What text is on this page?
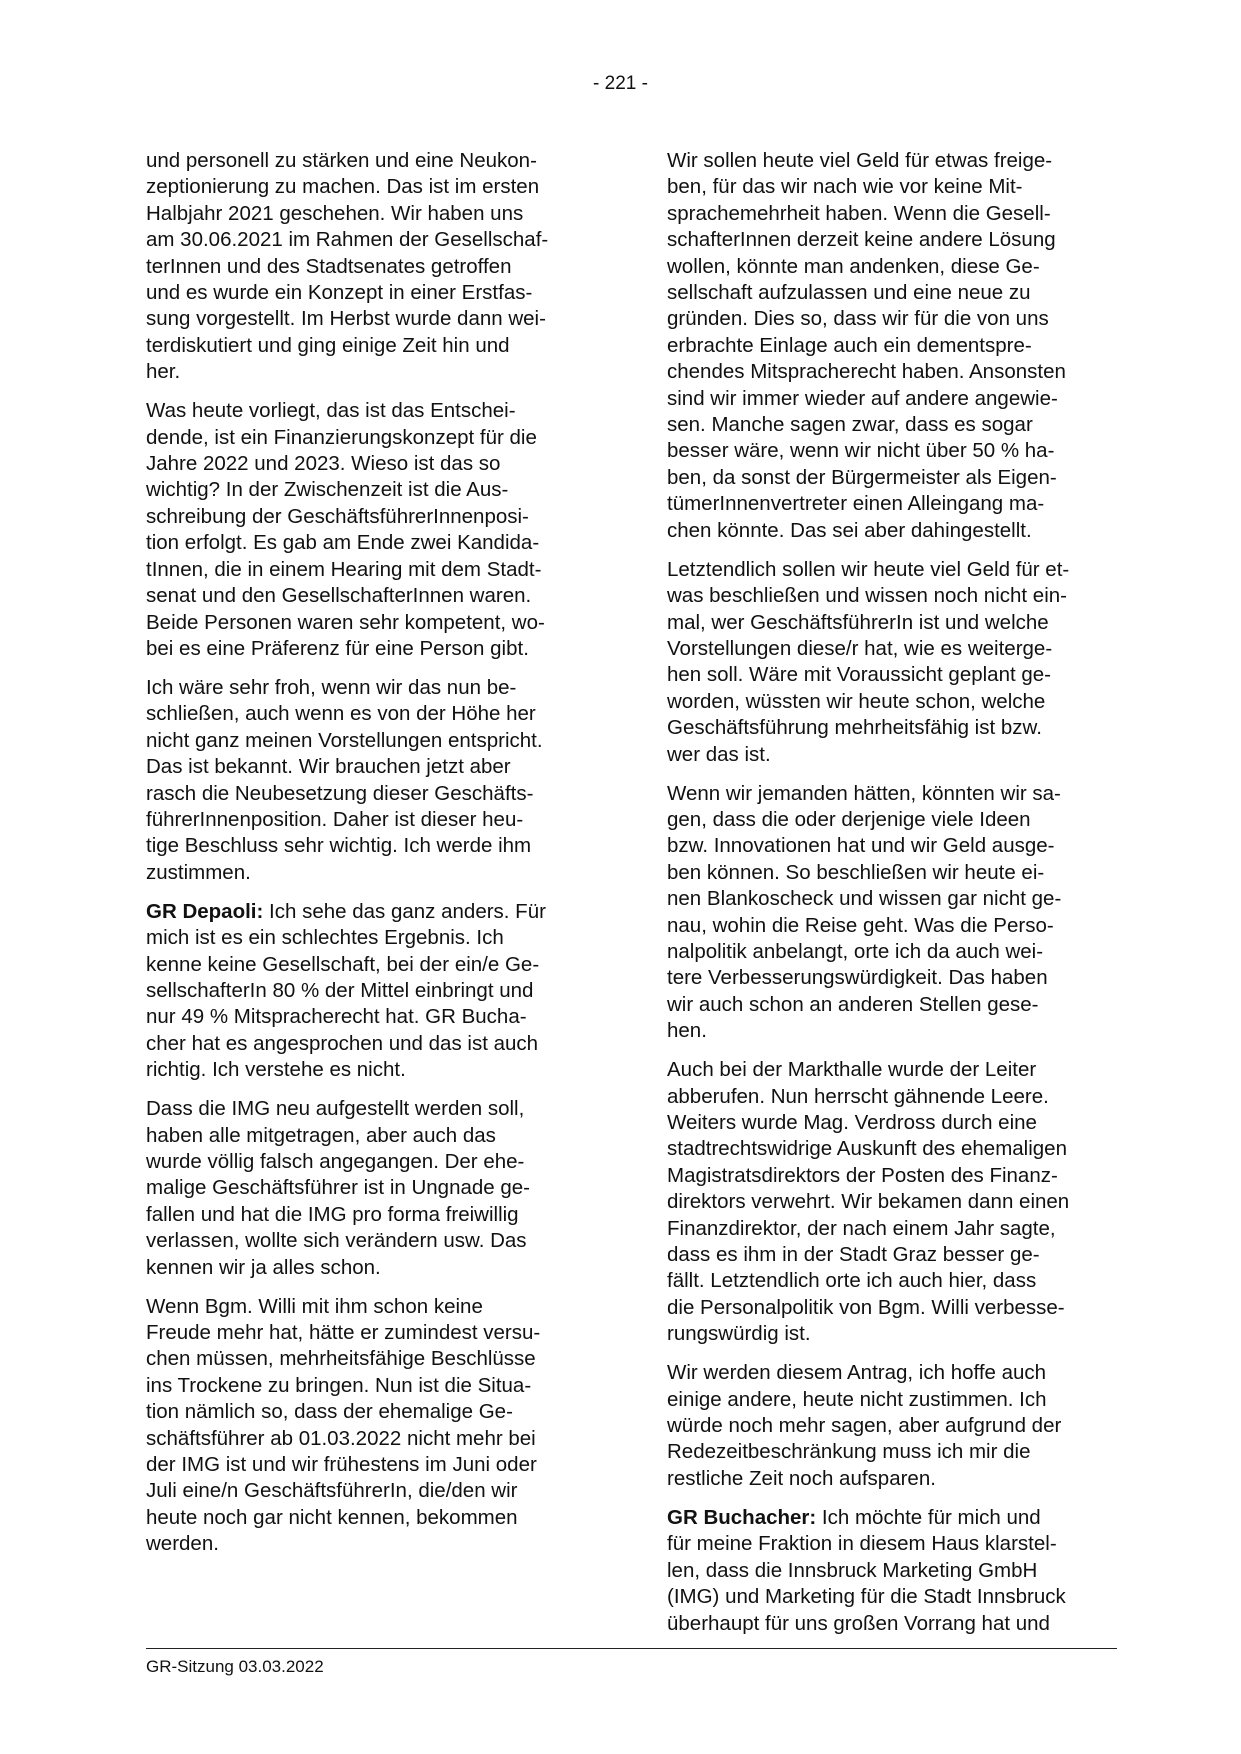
- 221 -
und personell zu stärken und eine Neukon-
zeptionierung zu machen. Das ist im ersten
Halbjahr 2021 geschehen. Wir haben uns
am 30.06.2021 im Rahmen der Gesellschaf-
terInnen und des Stadtsenates getroffen
und es wurde ein Konzept in einer Erstfas-
sung vorgestellt. Im Herbst wurde dann wei-
terdiskutiert und ging einige Zeit hin und
her.
Was heute vorliegt, das ist das Entschei-
dende, ist ein Finanzierungskonzept für die
Jahre 2022 und 2023. Wieso ist das so
wichtig? In der Zwischenzeit ist die Aus-
schreibung der GeschäftsführerInnenposi-
tion erfolgt. Es gab am Ende zwei Kandida-
tInnen, die in einem Hearing mit dem Stadt-
senat und den GesellschafterInnen waren.
Beide Personen waren sehr kompetent, wo-
bei es eine Präferenz für eine Person gibt.
Ich wäre sehr froh, wenn wir das nun be-
schließen, auch wenn es von der Höhe her
nicht ganz meinen Vorstellungen entspricht.
Das ist bekannt. Wir brauchen jetzt aber
rasch die Neubesetzung dieser Geschäfts-
führerInnenposition. Daher ist dieser heu-
tige Beschluss sehr wichtig. Ich werde ihm
zustimmen.
GR Depaoli: Ich sehe das ganz anders. Für
mich ist es ein schlechtes Ergebnis. Ich
kenne keine Gesellschaft, bei der ein/e Ge-
sellschafterIn 80 % der Mittel einbringt und
nur 49 % Mitspracherecht hat. GR Bucha-
cher hat es angesprochen und das ist auch
richtig. Ich verstehe es nicht.
Dass die IMG neu aufgestellt werden soll,
haben alle mitgetragen, aber auch das
wurde völlig falsch angegangen. Der ehe-
malige Geschäftsführer ist in Ungnade ge-
fallen und hat die IMG pro forma freiwillig
verlassen, wollte sich verändern usw. Das
kennen wir ja alles schon.
Wenn Bgm. Willi mit ihm schon keine
Freude mehr hat, hätte er zumindest versu-
chen müssen, mehrheitsfähige Beschlüsse
ins Trockene zu bringen. Nun ist die Situa-
tion nämlich so, dass der ehemalige Ge-
schäftsführer ab 01.03.2022 nicht mehr bei
der IMG ist und wir frühestens im Juni oder
Juli eine/n GeschäftsführerIn, die/den wir
heute noch gar nicht kennen, bekommen
werden.
Wir sollen heute viel Geld für etwas freige-
ben, für das wir nach wie vor keine Mit-
sprachemehrheit haben. Wenn die Gesell-
schafterInnen derzeit keine andere Lösung
wollen, könnte man andenken, diese Ge-
sellschaft aufzulassen und eine neue zu
gründen. Dies so, dass wir für die von uns
erbrachte Einlage auch ein dementspre-
chendes Mitspracherecht haben. Ansonsten
sind wir immer wieder auf andere angewie-
sen. Manche sagen zwar, dass es sogar
besser wäre, wenn wir nicht über 50 % ha-
ben, da sonst der Bürgermeister als Eigen-
tümerInnenvertreter einen Alleingang ma-
chen könnte. Das sei aber dahingestellt.
Letztendlich sollen wir heute viel Geld für et-
was beschließen und wissen noch nicht ein-
mal, wer GeschäftsführerIn ist und welche
Vorstellungen diese/r hat, wie es weiterge-
hen soll. Wäre mit Voraussicht geplant ge-
worden, wüssten wir heute schon, welche
Geschäftsführung mehrheitsfähig ist bzw.
wer das ist.
Wenn wir jemanden hätten, könnten wir sa-
gen, dass die oder derjenige viele Ideen
bzw. Innovationen hat und wir Geld ausge-
ben können. So beschließen wir heute ei-
nen Blankoscheck und wissen gar nicht ge-
nau, wohin die Reise geht. Was die Perso-
nalpolitik anbelangt, orte ich da auch wei-
tere Verbesserungswürdigkeit. Das haben
wir auch schon an anderen Stellen gese-
hen.
Auch bei der Markthalle wurde der Leiter
abberufen. Nun herrscht gähnende Leere.
Weiters wurde Mag. Verdross durch eine
stadtrechtswidrige Auskunft des ehemaligen
Magistratsdirektors der Posten des Finanz-
direktors verwehrt. Wir bekamen dann einen
Finanzdirektor, der nach einem Jahr sagte,
dass es ihm in der Stadt Graz besser ge-
fällt. Letztendlich orte ich auch hier, dass
die Personalpolitik von Bgm. Willi verbesse-
rungswürdig ist.
Wir werden diesem Antrag, ich hoffe auch
einige andere, heute nicht zustimmen. Ich
würde noch mehr sagen, aber aufgrund der
Redezeitbeschränkung muss ich mir die
restliche Zeit noch aufsparen.
GR Buchacher: Ich möchte für mich und
für meine Fraktion in diesem Haus klarstel-
len, dass die Innsbruck Marketing GmbH
(IMG) und Marketing für die Stadt Innsbruck
überhaupt für uns großen Vorrang hat und
GR-Sitzung 03.03.2022
